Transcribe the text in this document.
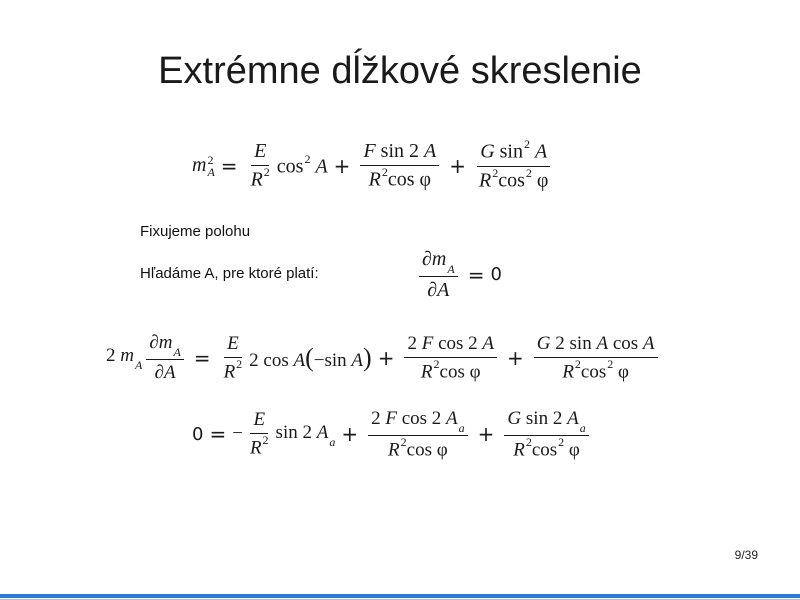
Extrémne dĺžkové skreslenie
m 2
$A = \frac{E}{R^2} \cos^2 A + \frac{\text{F sin 2 A}}{R^2\cos \varphi} + \frac{G \sin^2 A}{R^2\cos^2 \varphi}$
Fixujeme polohu
Hľadáme A, pre ktoré platí:	$\frac{\partial m_A}{\partial A} = 0$
2 $m_A \frac{\partial m_A}{\partial A} = \frac{E}{R^2} 2$ cos A(−sin $A) + \frac{\text{2 F cos 2 A}}{R^2\cos \varphi} + \frac{\text{G 2 sin A cos A}}{R^2\cos^2 \varphi}$
0 = − $\frac{E}{R^2}$ sin 2 $A_a + \frac{2 F \cos 2 A_a}{R^2\cos \varphi} + \frac{G \sin 2 A_a}{R^2\cos^2 \varphi}$
9/39
